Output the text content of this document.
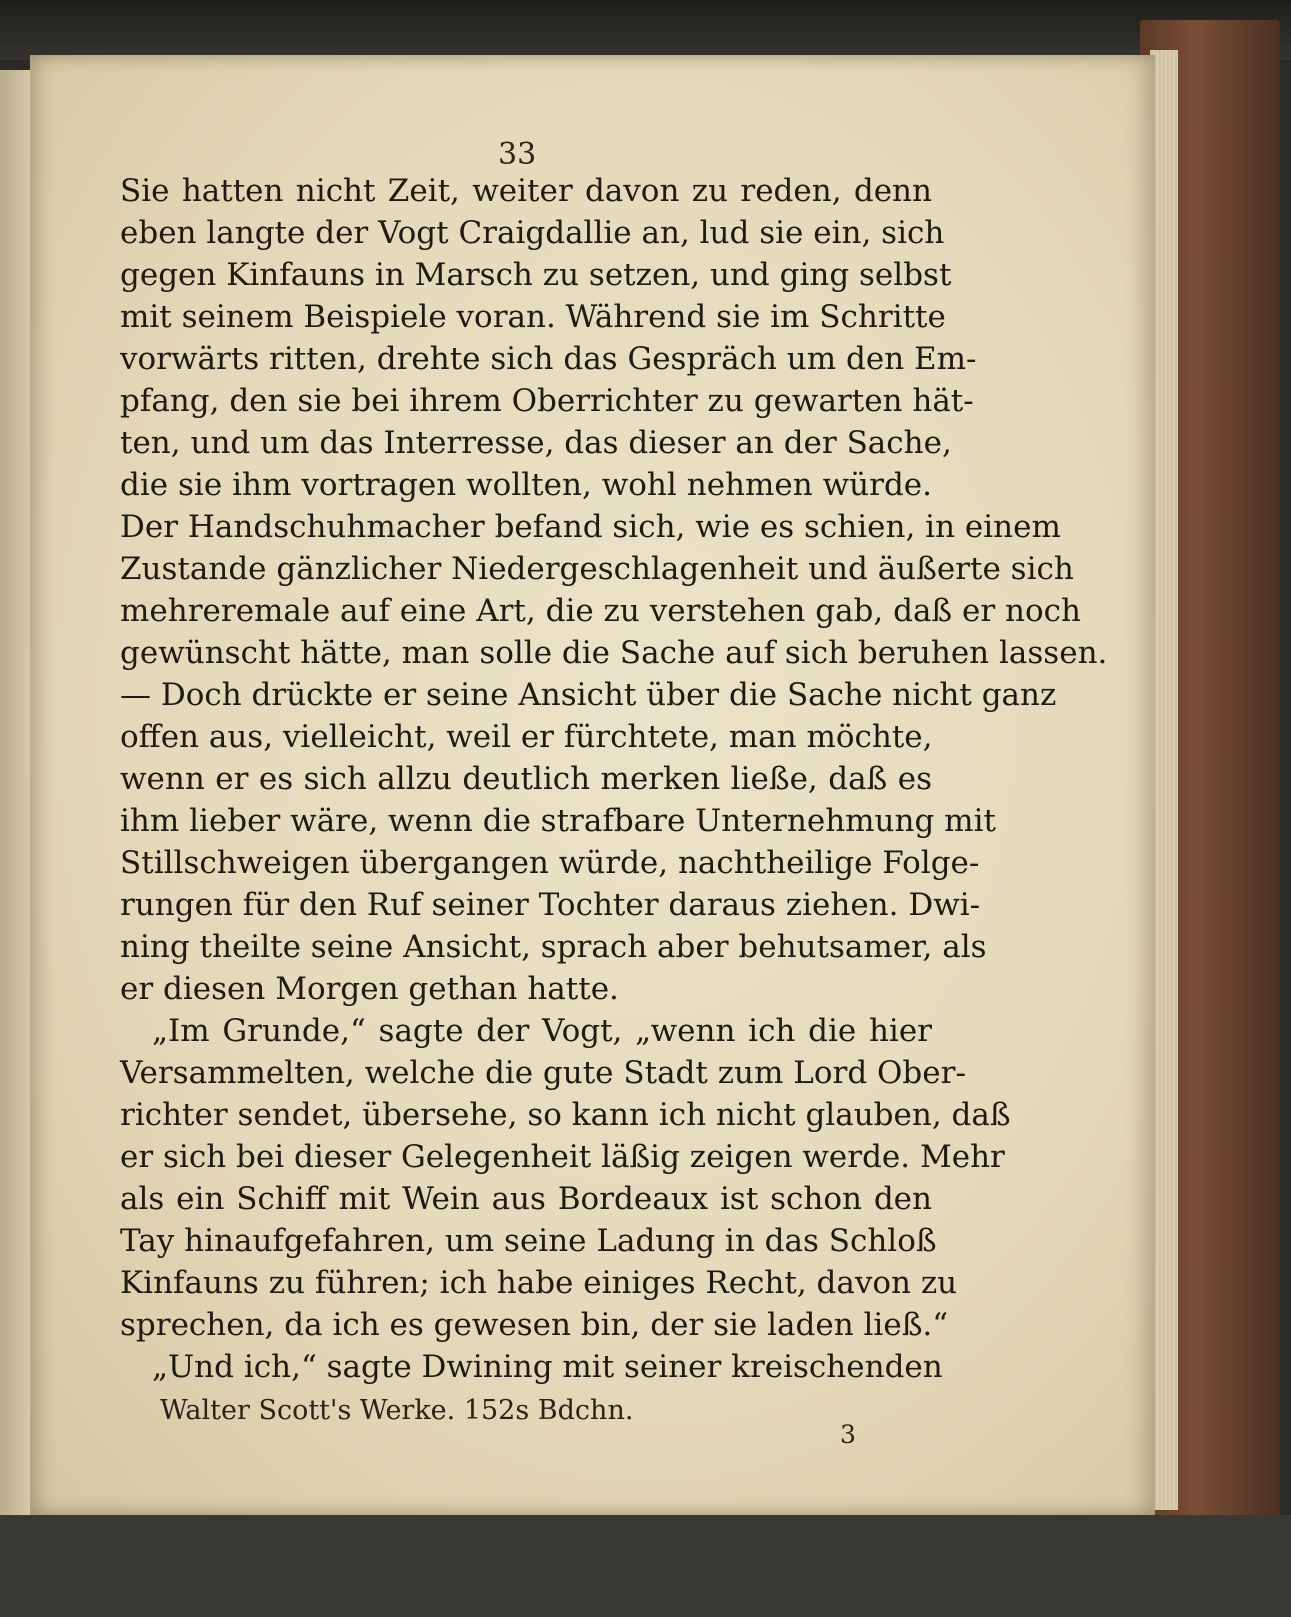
33
Sie hatten nicht Zeit, weiter davon zu reden, denn
eben langte der Vogt Craigdallie an, lud sie ein, sich
gegen Kinfauns in Marsch zu setzen, und ging selbst
mit seinem Beispiele voran. Während sie im Schritte
vorwärts ritten, drehte sich das Gespräch um den Em-
pfang, den sie bei ihrem Oberrichter zu gewarten hät-
ten, und um das Interresse, das dieser an der Sache,
die sie ihm vortragen wollten, wohl nehmen würde.
Der Handschuhmacher befand sich, wie es schien, in einem
Zustande gänzlicher Niedergeschlagenheit und äußerte sich
mehreremale auf eine Art, die zu verstehen gab, daß er noch
gewünscht hätte, man solle die Sache auf sich beruhen lassen.
— Doch drückte er seine Ansicht über die Sache nicht ganz
offen aus, vielleicht, weil er fürchtete, man möchte,
wenn er es sich allzu deutlich merken ließe, daß es
ihm lieber wäre, wenn die strafbare Unternehmung mit
Stillschweigen übergangen würde, nachtheilige Folge-
rungen für den Ruf seiner Tochter daraus ziehen. Dwi-
ning theilte seine Ansicht, sprach aber behutsamer, als
er diesen Morgen gethan hatte.
„Im Grunde,“ sagte der Vogt, „wenn ich die hier
Versammelten, welche die gute Stadt zum Lord Ober-
richter sendet, übersehe, so kann ich nicht glauben, daß
er sich bei dieser Gelegenheit läßig zeigen werde. Mehr
als ein Schiff mit Wein aus Bordeaux ist schon den
Tay hinaufgefahren, um seine Ladung in das Schloß
Kinfauns zu führen; ich habe einiges Recht, davon zu
sprechen, da ich es gewesen bin, der sie laden ließ.“
„Und ich,“ sagte Dwining mit seiner kreischenden
Walter Scott's Werke. 152s Bdchn.
3
